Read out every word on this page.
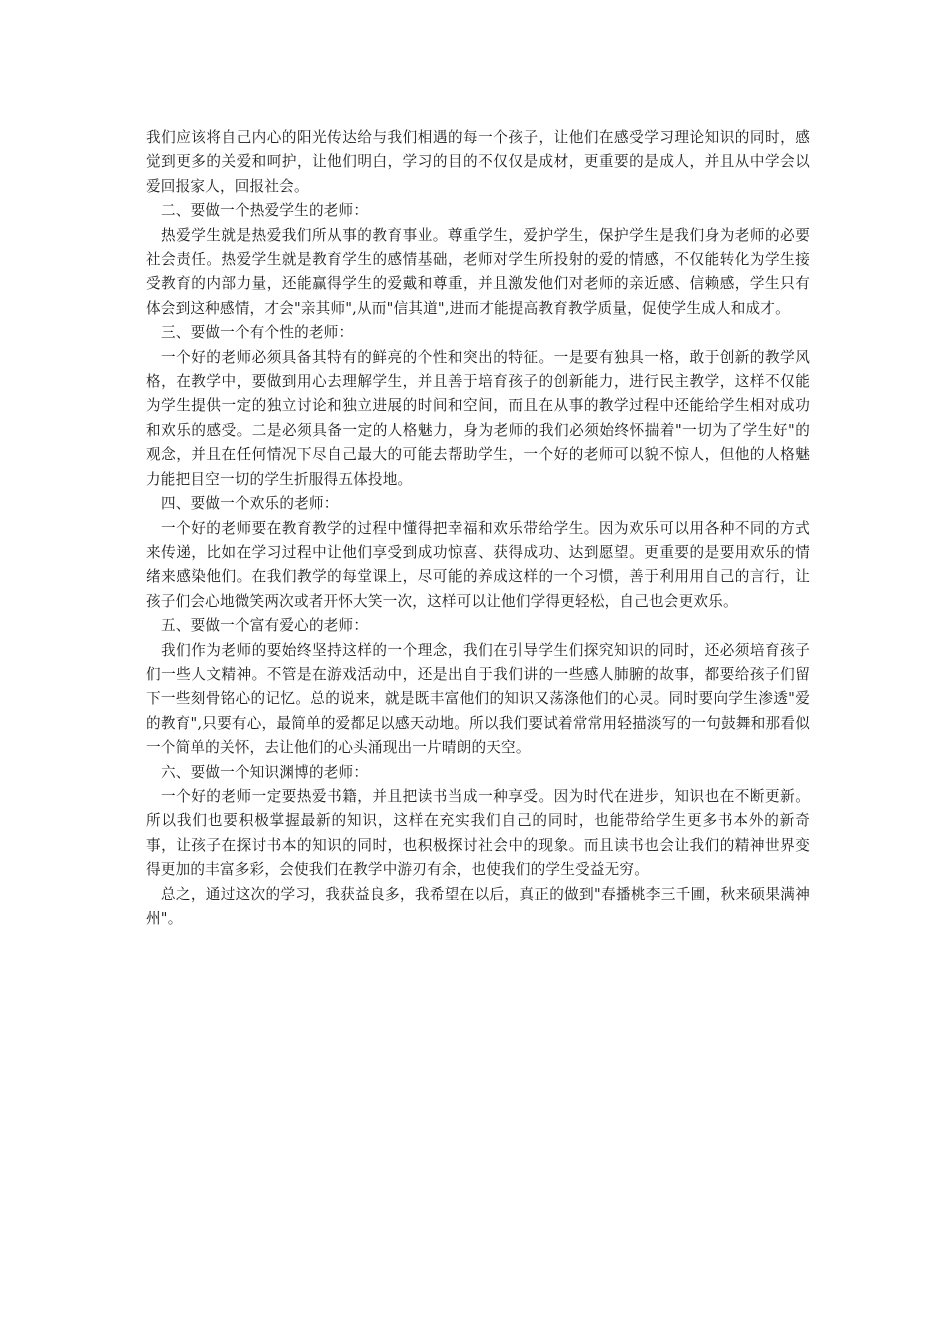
我们应该将自己内心的阳光传达给与我们相遇的每一个孩子，让他们在感受学习理论知识的同时，感觉到更多的关爱和呵护，让他们明白，学习的目的不仅仅是成材，更重要的是成人，并且从中学会以爱回报家人，回报社会。

二、要做一个热爱学生的老师：

热爱学生就是热爱我们所从事的教育事业。尊重学生，爱护学生，保护学生是我们身为老师的必要社会责任。热爱学生就是教育学生的感情基础，老师对学生所投射的爱的情感，不仅能转化为学生接受教育的内部力量，还能赢得学生的爱戴和尊重，并且激发他们对老师的亲近感、信赖感，学生只有体会到这种感情，才会"亲其师",从而"信其道",进而才能提高教育教学质量，促使学生成人和成才。

三、要做一个有个性的老师：

一个好的老师必须具备其特有的鲜亮的个性和突出的特征。一是要有独具一格，敢于创新的教学风格，在教学中，要做到用心去理解学生，并且善于培育孩子的创新能力，进行民主教学，这样不仅能为学生提供一定的独立讨论和独立进展的时间和空间，而且在从事的教学过程中还能给学生相对成功和欢乐的感受。二是必须具备一定的人格魅力，身为老师的我们必须始终怀揣着"一切为了学生好"的观念，并且在任何情况下尽自己最大的可能去帮助学生，一个好的老师可以貌不惊人，但他的人格魅力能把目空一切的学生折服得五体投地。

四、要做一个欢乐的老师：

一个好的老师要在教育教学的过程中懂得把幸福和欢乐带给学生。因为欢乐可以用各种不同的方式来传递，比如在学习过程中让他们享受到成功惊喜、获得成功、达到愿望。更重要的是要用欢乐的情绪来感染他们。在我们教学的每堂课上，尽可能的养成这样的一个习惯，善于利用用自己的言行，让孩子们会心地微笑两次或者开怀大笑一次，这样可以让他们学得更轻松，自己也会更欢乐。

五、要做一个富有爱心的老师：

我们作为老师的要始终坚持这样的一个理念，我们在引导学生们探究知识的同时，还必须培育孩子们一些人文精神。不管是在游戏活动中，还是出自于我们讲的一些感人肺腑的故事，都要给孩子们留下一些刻骨铭心的记忆。总的说来，就是既丰富他们的知识又荡涤他们的心灵。同时要向学生渗透"爱的教育",只要有心，最简单的爱都足以感天动地。所以我们要试着常常用轻描淡写的一句鼓舞和那看似一个简单的关怀，去让他们的心头涌现出一片晴朗的天空。

六、要做一个知识渊博的老师：

一个好的老师一定要热爱书籍，并且把读书当成一种享受。因为时代在进步，知识也在不断更新。所以我们也要积极掌握最新的知识，这样在充实我们自己的同时，也能带给学生更多书本外的新奇事，让孩子在探讨书本的知识的同时，也积极探讨社会中的现象。而且读书也会让我们的精神世界变得更加的丰富多彩，会使我们在教学中游刃有余，也使我们的学生受益无穷。

总之，通过这次的学习，我获益良多，我希望在以后，真正的做到"春播桃李三千圃，秋来硕果满神州"。
